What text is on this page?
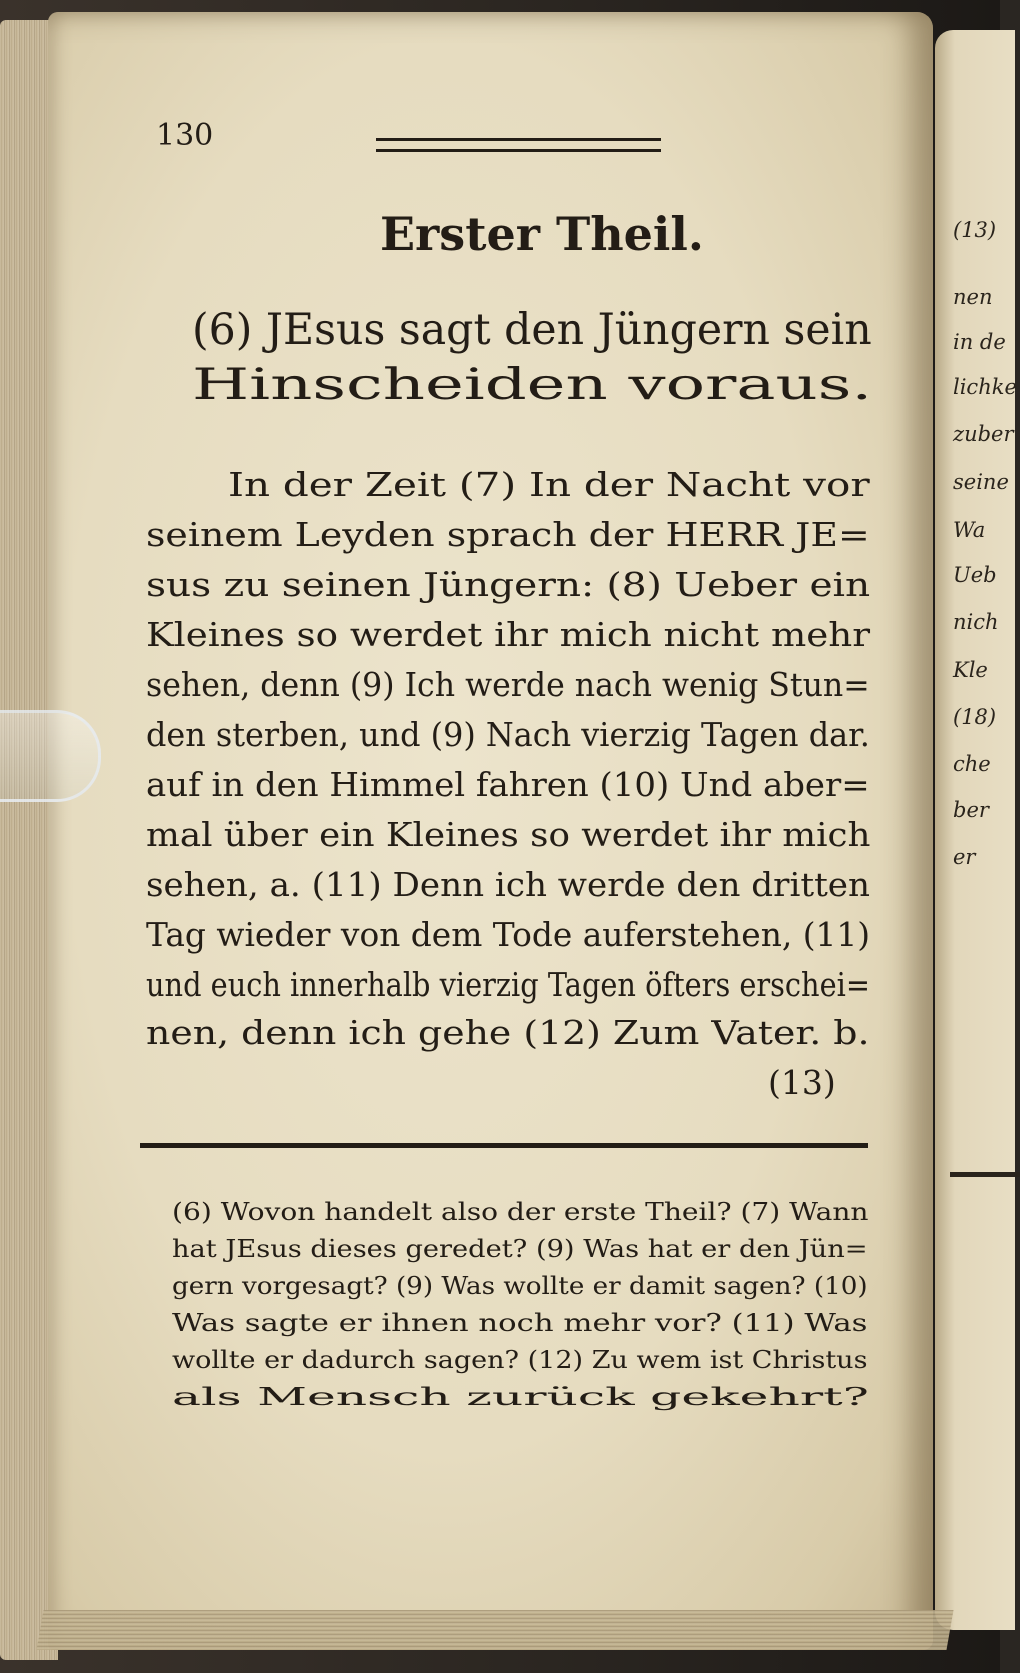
(13)
nen
in de
lichke
zuber
seine
Wa
Ueb
nich
Kle
(18)
che
ber
er
130
Erster Theil.
(6) JEsus sagt den Jüngern sein
Hinscheiden voraus.
In der Zeit (7) In der Nacht vor
seinem Leyden sprach der HERR JE=
sus zu seinen Jüngern: (8) Ueber ein
Kleines so werdet ihr mich nicht mehr
sehen, denn (9) Ich werde nach wenig Stun=
den sterben, und (9) Nach vierzig Tagen dar.
auf in den Himmel fahren (10) Und aber=
mal über ein Kleines so werdet ihr mich
sehen, a. (11) Denn ich werde den dritten
Tag wieder von dem Tode auferstehen, (11)
und euch innerhalb vierzig Tagen öfters erschei=
nen, denn ich gehe (12) Zum Vater. b.
(13)
(6) Wovon handelt also der erste Theil? (7) Wann
hat JEsus dieses geredet? (9) Was hat er den Jün=
gern vorgesagt? (9) Was wollte er damit sagen? (10)
Was sagte er ihnen noch mehr vor? (11) Was
wollte er dadurch sagen? (12) Zu wem ist Christus
als Mensch zurück gekehrt?
